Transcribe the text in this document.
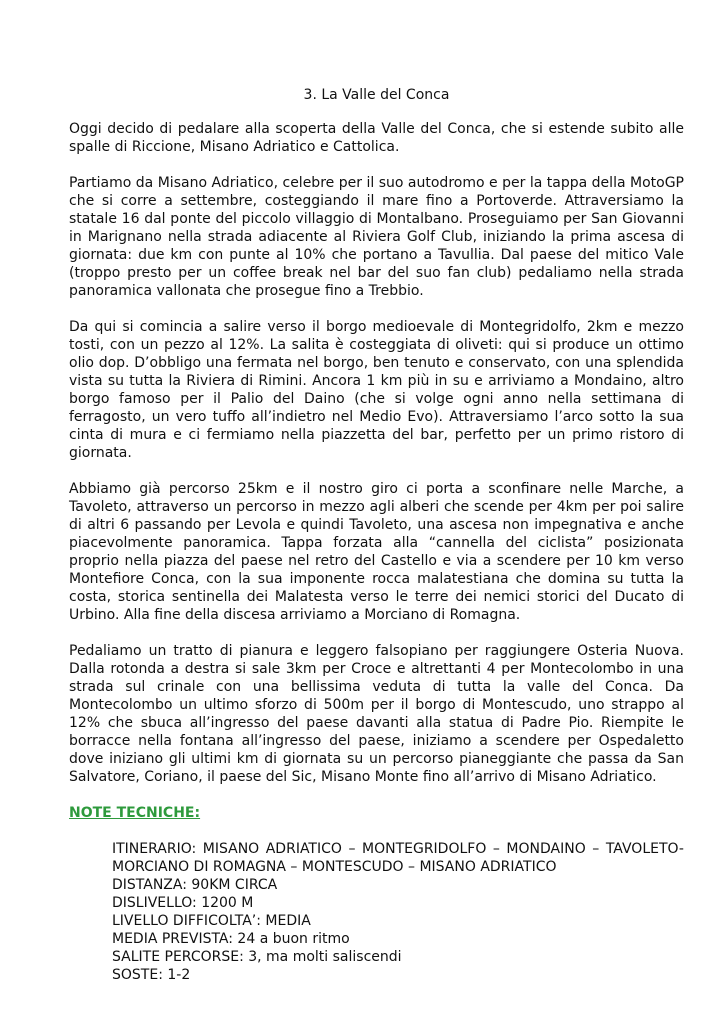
3. La Valle del Conca

Oggi decido di pedalare alla scoperta della Valle del Conca, che si estende subito alle spalle di Riccione, Misano Adriatico e Cattolica.

Partiamo da Misano Adriatico, celebre per il suo autodromo e per la tappa della MotoGP che si corre a settembre, costeggiando il mare fino a Portoverde. Attraversiamo la statale 16 dal ponte del piccolo villaggio di Montalbano. Proseguiamo per San Giovanni in Marignano nella strada adiacente al Riviera Golf Club, iniziando la prima ascesa di giornata: due km con punte al 10% che portano a Tavullia. Dal paese del mitico Vale (troppo presto per un coffee break nel bar del suo fan club) pedaliamo nella strada panoramica vallonata che prosegue fino a Trebbio.

Da qui si comincia a salire verso il borgo medioevale di Montegridolfo, 2km e mezzo tosti, con un pezzo al 12%. La salita è costeggiata di oliveti: qui si produce un ottimo olio dop. D’obbligo una fermata nel borgo, ben tenuto e conservato, con una splendida vista su tutta la Riviera di Rimini. Ancora 1 km più in su e arriviamo a Mondaino, altro borgo famoso per il Palio del Daino (che si volge ogni anno nella settimana di ferragosto, un vero tuffo all’indietro nel Medio Evo). Attraversiamo l’arco sotto la sua cinta di mura e ci fermiamo nella piazzetta del bar, perfetto per un primo ristoro di giornata.

Abbiamo già percorso 25km e il nostro giro ci porta a sconfinare nelle Marche, a Tavoleto, attraverso un percorso in mezzo agli alberi che scende per 4km per poi salire di altri 6 passando per Levola e quindi Tavoleto, una ascesa non impegnativa e anche piacevolmente panoramica. Tappa forzata alla “cannella del ciclista” posizionata proprio nella piazza del paese nel retro del Castello e via a scendere per 10 km verso Montefiore Conca, con la sua imponente rocca malatestiana che domina su tutta la costa, storica sentinella dei Malatesta verso le terre dei nemici storici del Ducato di Urbino. Alla fine della discesa arriviamo a Morciano di Romagna.

Pedaliamo un tratto di pianura e leggero falsopiano per raggiungere Osteria Nuova. Dalla rotonda a destra si sale 3km per Croce e altrettanti 4 per Montecolombo in una strada sul crinale con una bellissima veduta di tutta la valle del Conca. Da Montecolombo un ultimo sforzo di 500m per il borgo di Montescudo, uno strappo al 12% che sbuca all’ingresso del paese davanti alla statua di Padre Pio. Riempite le borracce nella fontana all’ingresso del paese, iniziamo a scendere per Ospedaletto dove iniziano gli ultimi km di giornata su un percorso pianeggiante che passa da San Salvatore, Coriano, il paese del Sic, Misano Monte fino all’arrivo di Misano Adriatico.

NOTE TECNICHE:

ITINERARIO: MISANO ADRIATICO – MONTEGRIDOLFO – MONDAINO – TAVOLETO-

MORCIANO DI ROMAGNA – MONTESCUDO – MISANO ADRIATICO

DISTANZA: 90KM CIRCA

DISLIVELLO: 1200 M

LIVELLO DIFFICOLTA’: MEDIA

MEDIA PREVISTA: 24 a buon ritmo

SALITE PERCORSE: 3, ma molti saliscendi

SOSTE: 1-2
